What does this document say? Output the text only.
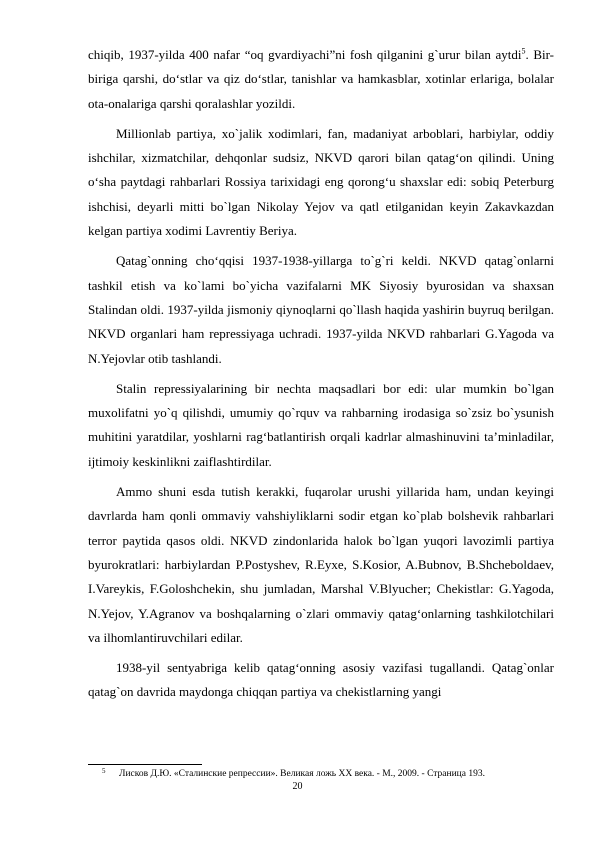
chiqib, 1937-yilda 400 nafar “oq gvardiyachi”ni fosh qilganini g`urur bilan aytdi$^5$. Bir-biriga qarshi, do‘stlar va qiz do‘stlar, tanishlar va hamkasblar, xotinlar erlariga, bolalar ota-onalariga qarshi qoralashlar yozildi.

Millionlab partiya, xo`jalik xodimlari, fan, madaniyat arboblari, harbiylar, oddiy ishchilar, xizmatchilar, dehqonlar sudsiz, NKVD qarori bilan qatag‘on qilindi. Uning o‘sha paytdagi rahbarlari Rossiya tarixidagi eng qorong‘u shaxslar edi: sobiq Peterburg ishchisi, deyarli mitti bo`lgan Nikolay Yejov va qatl etilganidan keyin Zakavkazdan kelgan partiya xodimi Lavrentiy Beriya.

Qatag`onning cho‘qqisi 1937-1938-yillarga to`g`ri keldi. NKVD qatag`onlarni tashkil etish va ko`lami bo`yicha vazifalarni MK Siyosiy byurosidan va shaxsan Stalindan oldi. 1937-yilda jismoniy qiynoqlarni qo`llash haqida yashirin buyruq berilgan. NKVD organlari ham repressiyaga uchradi. 1937-yilda NKVD rahbarlari G.Yagoda va N.Yejovlar otib tashlandi.

Stalin repressiyalarining bir nechta maqsadlari bor edi: ular mumkin bo`lgan muxolifatni yo`q qilishdi, umumiy qo`rquv va rahbarning irodasiga so`zsiz bo`ysunish muhitini yaratdilar, yoshlarni rag‘batlantirish orqali kadrlar almashinuvini ta’minladilar, ijtimoiy keskinlikni zaiflashtirdilar.

Ammo shuni esda tutish kerakki, fuqarolar urushi yillarida ham, undan keyingi davrlarda ham qonli ommaviy vahshiyliklarni sodir etgan ko`plab bolshevik rahbarlari terror paytida qasos oldi. NKVD zindonlarida halok bo`lgan yuqori lavozimli partiya byurokratlari: harbiylardan P.Postyshev, R.Eyxe, S.Kosior, A.Bubnov, B.Shcheboldaev, I.Vareykis, F.Goloshchekin, shu jumladan, Marshal V.Blyucher; Chekistlar: G.Yagoda, N.Yejov, Y.Agranov va boshqalarning o`zlari ommaviy qatag‘onlarning tashkilotchilari va ilhomlantiruvchilari edilar.

1938-yil sentyabriga kelib qatag‘onning asosiy vazifasi tugallandi. Qatag`onlar qatag`on davrida maydonga chiqqan partiya va chekistlarning yangi

5 Лисков Д.Ю. «Сталинские репрессии». Великая ложь XX века. - М., 2009. - Страница 193.
20
